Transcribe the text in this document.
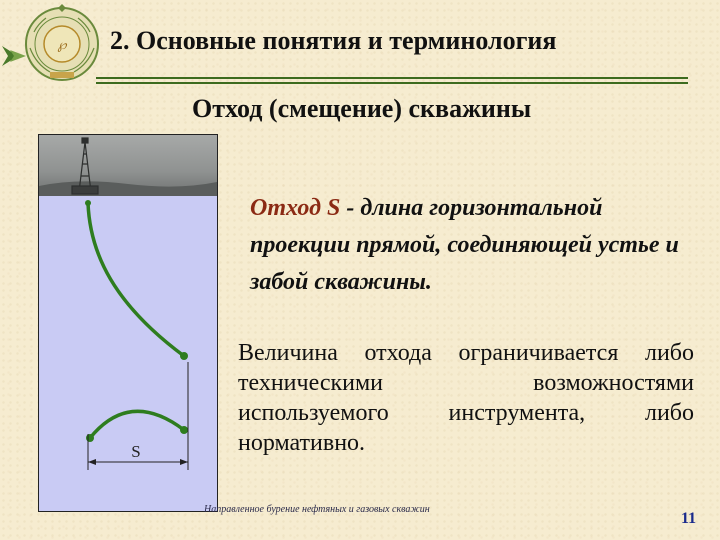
℘ 2. Основные понятия и терминология
Отход (смещение) скважины
S
Отход S - длина горизонтальной проекции прямой, соединяющей устье и забой скважины.
Величина отхода ограничивается либо техническими возможностями используемого инструмента, либо нормативно.
Направленное бурение нефтяных и газовых скважин
11
